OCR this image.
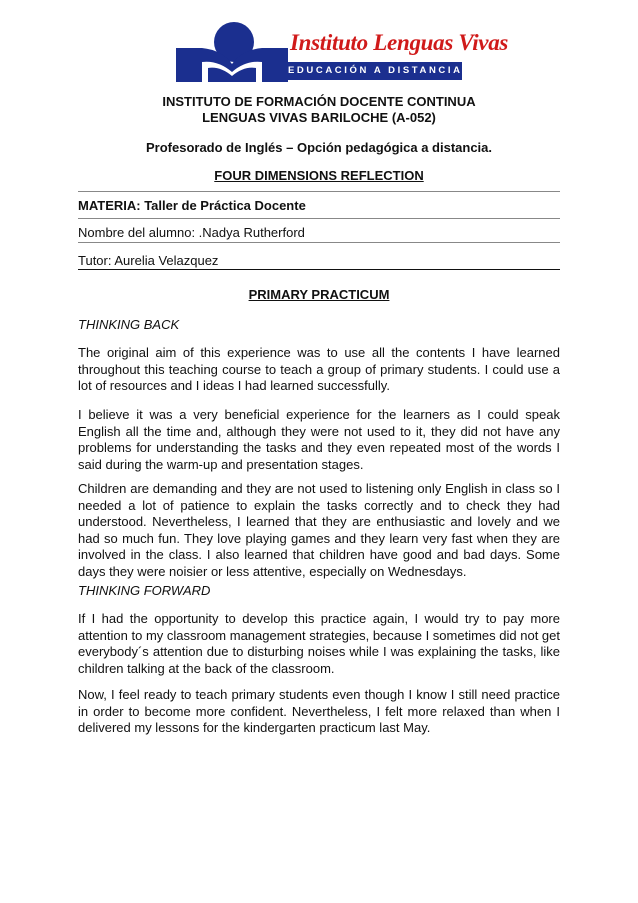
Instituto Lenguas Vivas
EDUCACIÓN A DISTANCIA
INSTITUTO DE FORMACIÓN DOCENTE CONTINUA
LENGUAS VIVAS BARILOCHE (A-052)
Profesorado de Inglés – Opción pedagógica a distancia.
FOUR DIMENSIONS REFLECTION
MATERIA: Taller de Práctica Docente
Nombre del alumno: .Nadya Rutherford
Tutor: Aurelia Velazquez
PRIMARY PRACTICUM
THINKING BACK

The original aim of this experience was to use all the contents I have learned throughout this teaching course to teach a group of primary students. I could use a lot of resources and I ideas I had learned successfully.

I believe it was a very beneficial experience for the learners as I could speak English all the time and, although they were not used to it, they did not have any problems for understanding the tasks and they even repeated most of the words I said during the warm-up and presentation stages.

Children are demanding and they are not used to listening only English in class so I needed a lot of patience to explain the tasks correctly and to check they had understood. Nevertheless, I learned that they are enthusiastic and lovely and we had so much fun. They love playing games and they learn very fast when they are involved in the class. I also learned that children have good and bad days. Some days they were noisier or less attentive, especially on Wednesdays.

THINKING FORWARD

If I had the opportunity to develop this practice again, I would try to pay more attention to my classroom management strategies, because I sometimes did not get everybody´s attention due to disturbing noises while I was explaining the tasks, like children talking at the back of the classroom.

Now, I feel ready to teach primary students even though I know I still need practice in order to become more confident. Nevertheless, I felt more relaxed than when I delivered my lessons for the kindergarten practicum last May.
